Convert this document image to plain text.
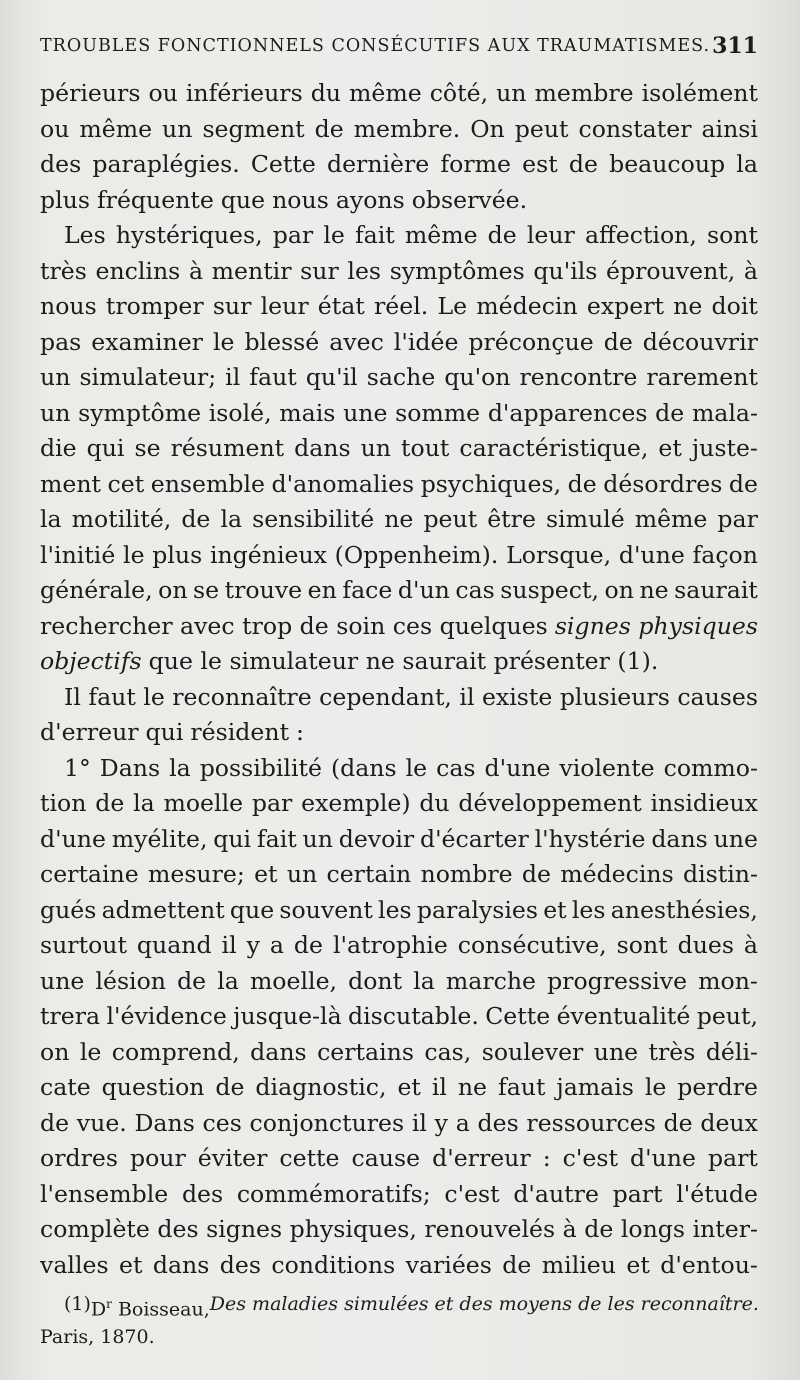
TROUBLES FONCTIONNELS CONSÉCUTIFS AUX TRAUMATISMES. 311
périeurs ou inférieurs du même côté, un membre isolément
ou même un segment de membre. On peut constater ainsi
des paraplégies. Cette dernière forme est de beaucoup la
plus fréquente que nous ayons observée.
Les hystériques, par le fait même de leur affection, sont
très enclins à mentir sur les symptômes qu'ils éprouvent, à
nous tromper sur leur état réel. Le médecin expert ne doit
pas examiner le blessé avec l'idée préconçue de découvrir
un simulateur; il faut qu'il sache qu'on rencontre rarement
un symptôme isolé, mais une somme d'apparences de mala-
die qui se résument dans un tout caractéristique, et juste-
ment cet ensemble d'anomalies psychiques, de désordres de
la motilité, de la sensibilité ne peut être simulé même par
l'initié le plus ingénieux (Oppenheim). Lorsque, d'une façon
générale, on se trouve en face d'un cas suspect, on ne saurait
rechercher avec trop de soin ces quelques signes physiques
objectifs que le simulateur ne saurait présenter (1).
Il faut le reconnaître cependant, il existe plusieurs causes
d'erreur qui résident :
1° Dans la possibilité (dans le cas d'une violente commo-
tion de la moelle par exemple) du développement insidieux
d'une myélite, qui fait un devoir d'écarter l'hystérie dans une
certaine mesure; et un certain nombre de médecins distin-
gués admettent que souvent les paralysies et les anesthésies,
surtout quand il y a de l'atrophie consécutive, sont dues à
une lésion de la moelle, dont la marche progressive mon-
trera l'évidence jusque-là discutable. Cette éventualité peut,
on le comprend, dans certains cas, soulever une très déli-
cate question de diagnostic, et il ne faut jamais le perdre
de vue. Dans ces conjonctures il y a des ressources de deux
ordres pour éviter cette cause d'erreur : c'est d'une part
l'ensemble des commémoratifs; c'est d'autre part l'étude
complète des signes physiques, renouvelés à de longs inter-
valles et dans des conditions variées de milieu et d'entou-
(1) $D^r$ Boisseau, Des maladies simulées et des moyens de les reconnaître.
Paris, 1870.
